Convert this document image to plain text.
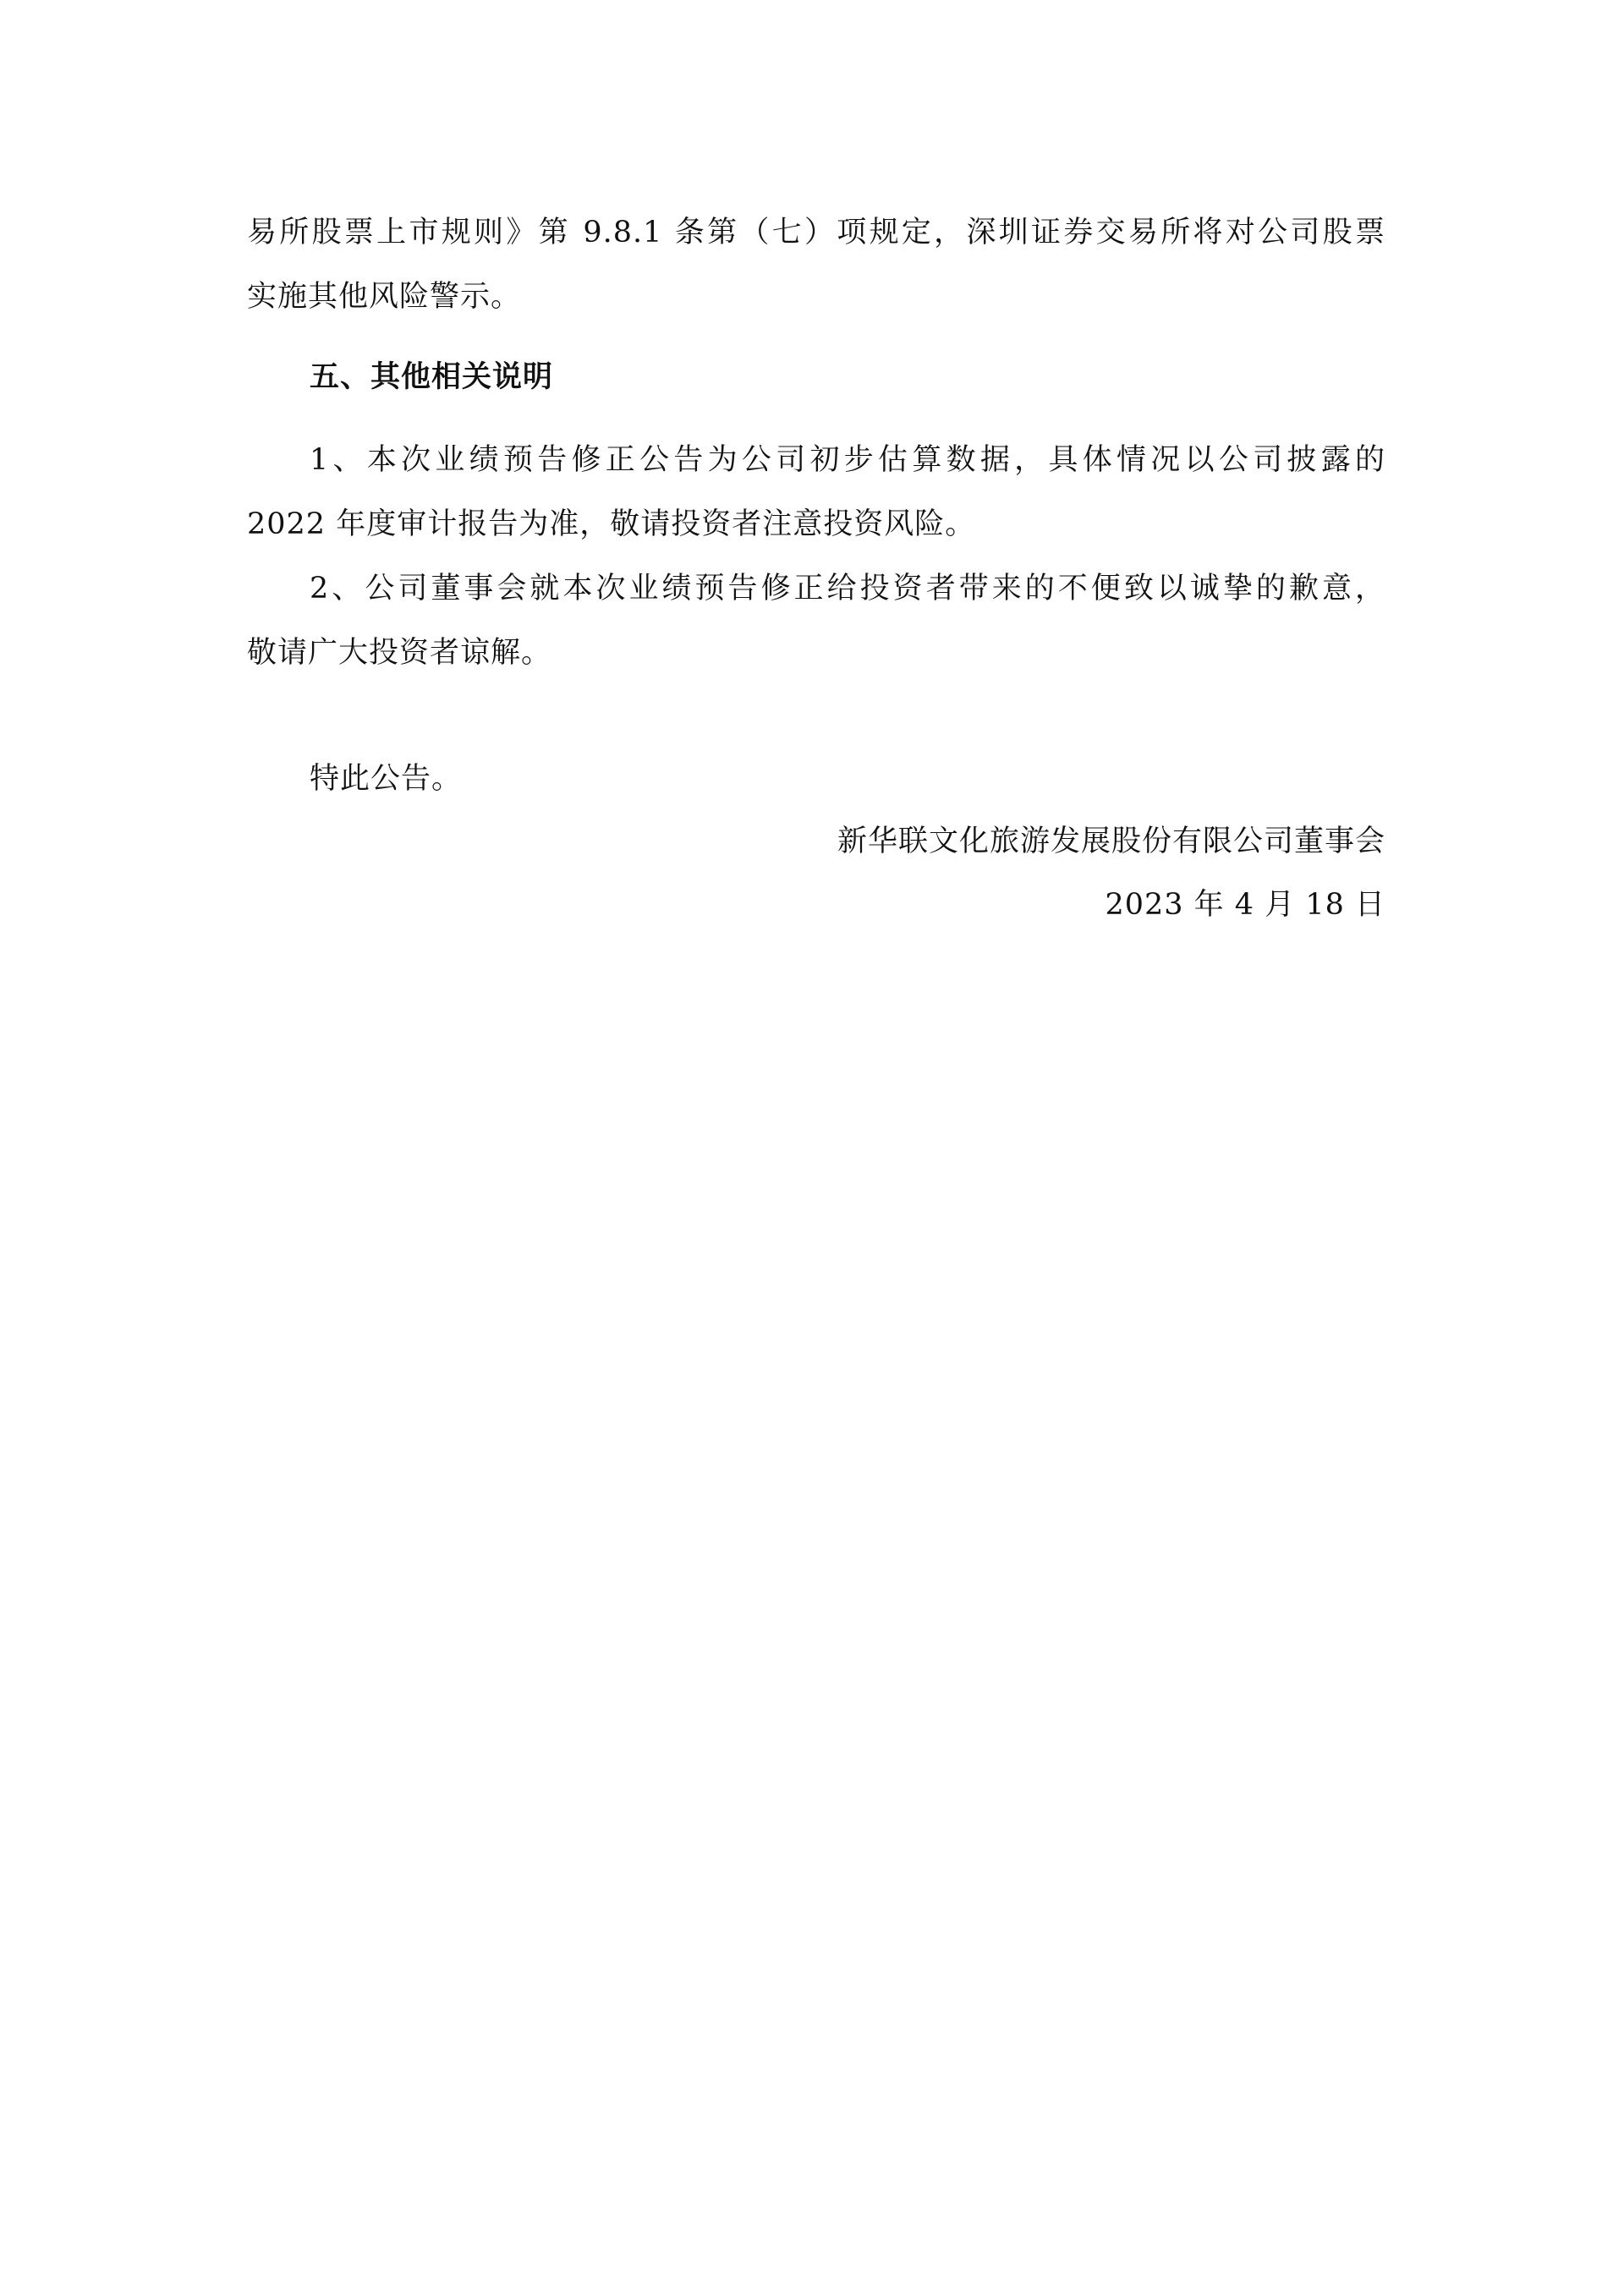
易所股票上市规则》第 9.8.1 条第（七）项规定，深圳证券交易所将对公司股票
实施其他风险警示。
五、其他相关说明
1、本次业绩预告修正公告为公司初步估算数据，具体情况以公司披露的
2022 年度审计报告为准，敬请投资者注意投资风险。
2、公司董事会就本次业绩预告修正给投资者带来的不便致以诚挚的歉意，
敬请广大投资者谅解。
特此公告。
新华联文化旅游发展股份有限公司董事会
2023 年 4 月 18 日
